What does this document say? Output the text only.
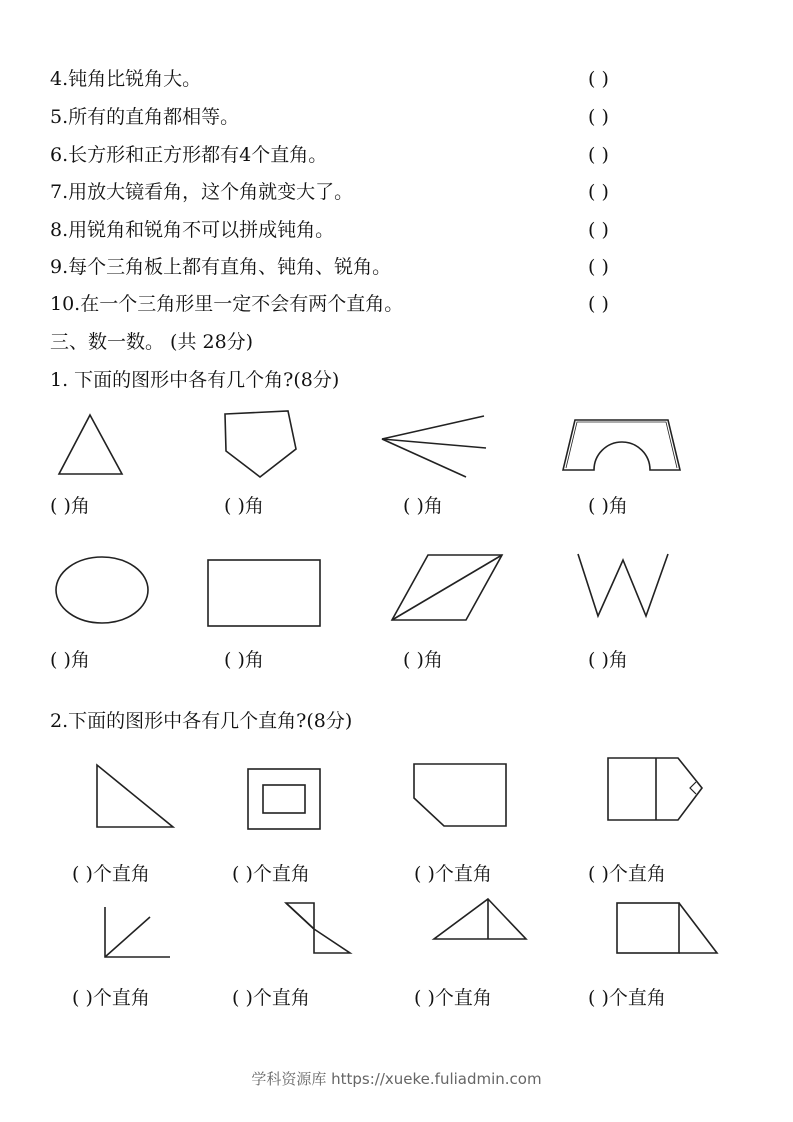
4.钝角比锐角大。	( )
5.所有的直角都相等。	( )
6.长方形和正方形都有4个直角。	( )
7.用放大镜看角，这个角就变大了。	( )
8.用锐角和锐角不可以拼成钝角。	( )
9.每个三角板上都有直角、钝角、锐角。	( )
10.在一个三角形里一定不会有两个直角。	( )
三、数一数。 (共 28分)
1. 下面的图形中各有几个角?(8分)
( )角	( )角	( )角	( )角
( )角	( )角	( )角	( )角
2.下面的图形中各有几个直角?(8分)
( )个直角	( )个直角	( )个直角	( )个直角
( )个直角	( )个直角	( )个直角	( )个直角
学科资源库 https://xueke.fuliadmin.com
